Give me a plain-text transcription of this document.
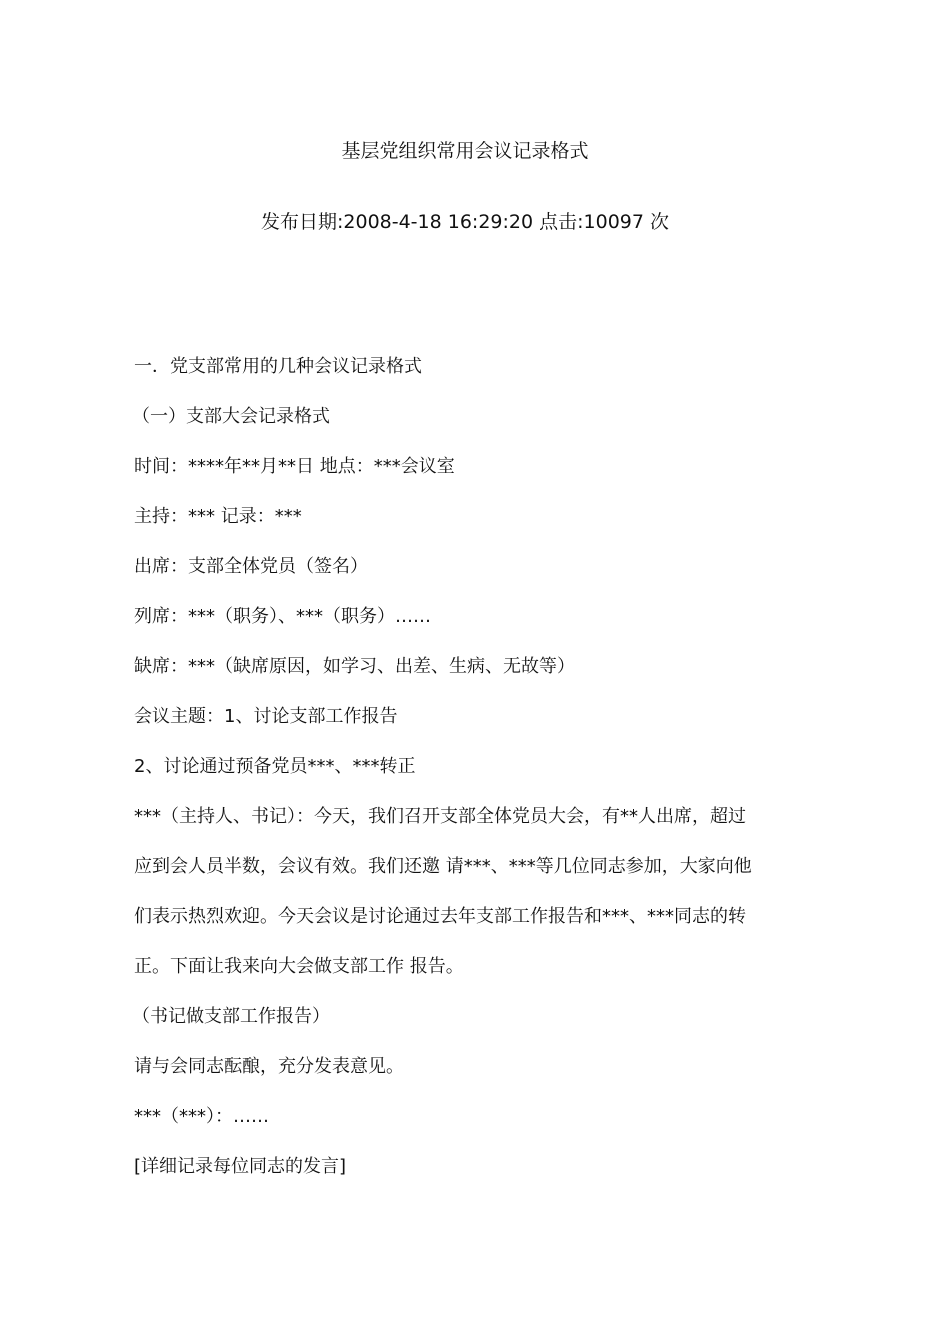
基层党组织常用会议记录格式
发布日期:2008-4-18 16:29:20 点击:10097 次
一．党支部常用的几种会议记录格式
（一）支部大会记录格式
时间：****年**月**日 地点：***会议室
主持：*** 记录：***
出席：支部全体党员（签名）
列席：***（职务）、***（职务）……
缺席：***（缺席原因，如学习、出差、生病、无故等）
会议主题：1、讨论支部工作报告
2、讨论通过预备党员***、***转正
***（主持人、书记）：今天，我们召开支部全体党员大会，有**人出席，超过
应到会人员半数，会议有效。我们还邀 请***、***等几位同志参加，大家向他
们表示热烈欢迎。今天会议是讨论通过去年支部工作报告和***、***同志的转
正。下面让我来向大会做支部工作 报告。
（书记做支部工作报告）
请与会同志酝酿，充分发表意见。
***（***）：……
[详细记录每位同志的发言]
